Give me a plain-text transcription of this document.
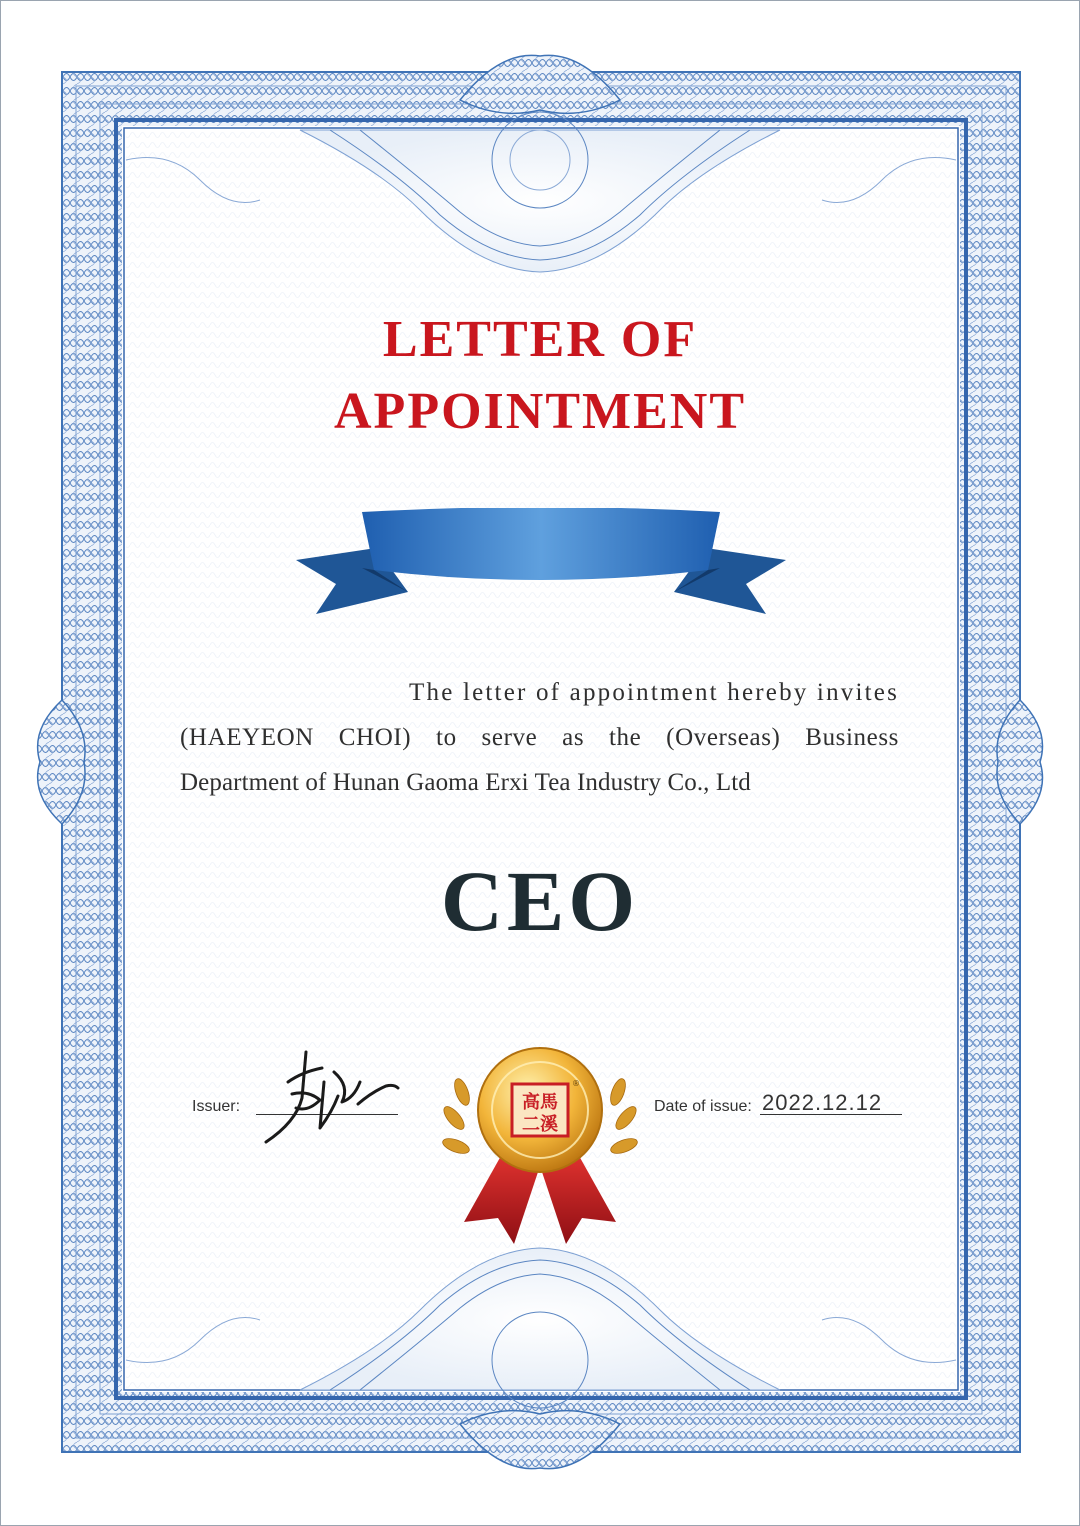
LETTER OF
APPOINTMENT
The letter of appointment hereby invites
(HAEYEON CHOI) to serve as the (Overseas) Business
Department of Hunan Gaoma Erxi Tea Industry Co., Ltd
CEO
Issuer:	高馬
二溪
®
Date of issue: 2022.12.12
